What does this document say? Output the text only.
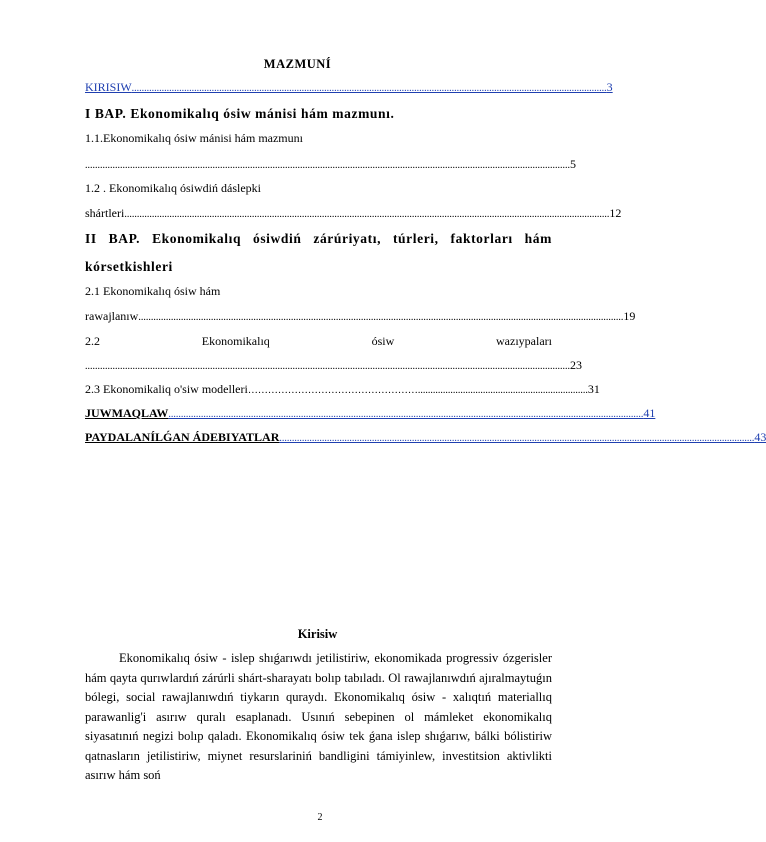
MAZMUNÍ
KIRISIW .............................................................................................................................................................................................. 3
I BAP. Ekonomikalıq ósiw mánisi hám mazmunı.
1.1.Ekonomikalıq ósiw mánisi hám mazmunı
.................................................................................................................................................................................................. 5
1.2 . Ekonomikalıq ósiwdiń dáslepki
shártleri .................................................................................................................................................................................................. 12
II BAP. Ekonomikalıq ósiwdiń zárúriyatı, túrleri, faktorları hám
kórsetkishleri
2.1 Ekonomikalıq ósiw hám
rawajlanıw .................................................................................................................................................................................................. 19
2.2	Ekonomikalıq	ósiw	wazıypaları
.................................................................................................................................................................................................. 23
2.3 Ekonomikaliq o'siw modelleri …………………………………………….................................................................... 31
JUWMAQLAW .............................................................................................................................................................................................. 41
PAYDALANÍLǴAN ÁDEBIYATLAR .............................................................................................................................................................................................. 43
Kirisiw
Ekonomikalıq ósiw - islep shıǵarıwdı jetilistiriw, ekonomikada progressiv ózgerisler hám qayta qurıwlardıń zárúrli shárt-sharayatı bolıp tabıladı. Ol rawajlanıwdıń ajıralmaytuǵın bólegi, social rawajlanıwdıń tiykarın quraydı. Ekonomikalıq ósiw - xalıqtıń materiallıq parawanlig'i asırıw quralı esaplanadı. Usınıń sebepinen ol mámleket ekonomikalıq siyasatınıń negizi bolıp qaladı. Ekonomikalıq ósiw tek ǵana islep shıǵarıw, bálki bólistiriw qatnasların jetilistiriw, miynet resurslariniń bandligini támiyinlew, investitsion aktivlikti asırıw hám soń
2
